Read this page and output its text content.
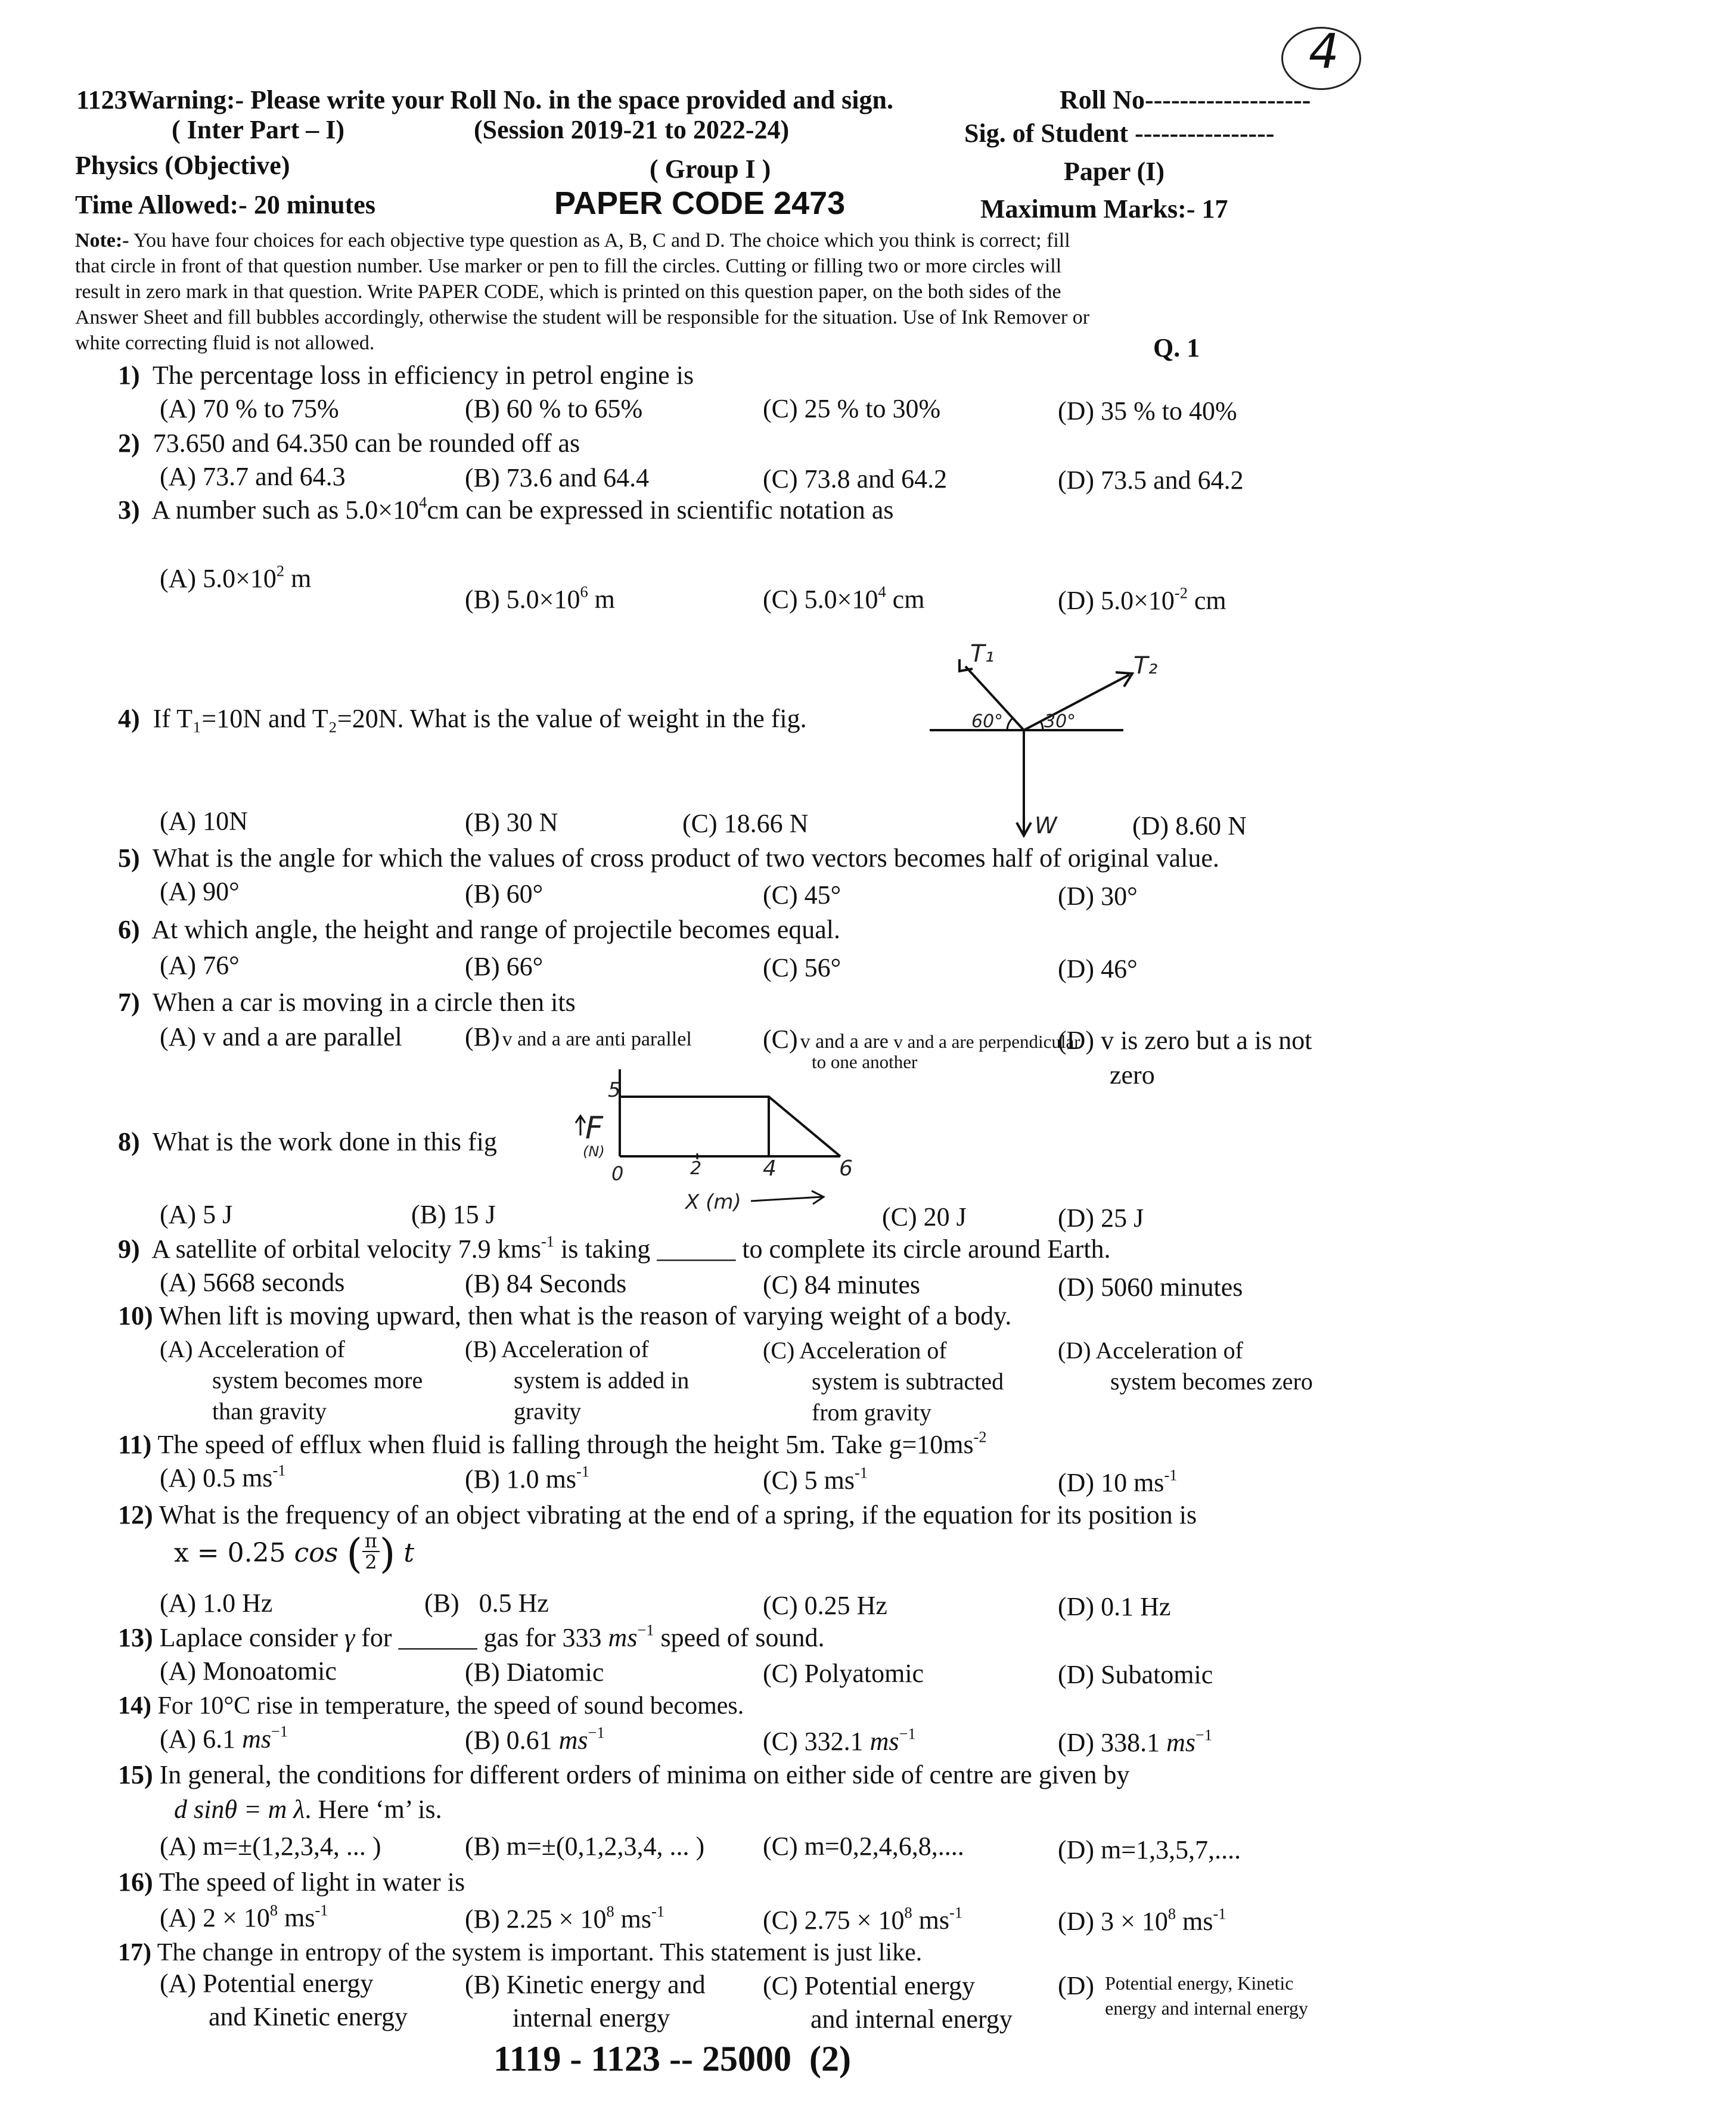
4
1123Warning:- Please write your Roll No. in the space provided and sign.	Roll No-------------------
( Inter Part – I)	(Session 2019-21 to 2022-24)	Sig. of Student ----------------
Physics (Objective)	( Group I )	Paper (I)
Time Allowed:- 20 minutes	PAPER CODE 2473	Maximum Marks:- 17
Note:- You have four choices for each objective type question as A, B, C and D. The choice which you think is correct; fill
that circle in front of that question number. Use marker or pen to fill the circles. Cutting or filling two or more circles will
result in zero mark in that question. Write PAPER CODE, which is printed on this question paper, on the both sides of the
Answer Sheet and fill bubbles accordingly, otherwise the student will be responsible for the situation. Use of Ink Remover or
white correcting fluid is not allowed.	Q. 1
1) The percentage loss in efficiency in petrol engine is
(A) 70 % to 75%	(B) 60 % to 65%	(C) 25 % to 30%	(D) 35 % to 40%
2) 73.650 and 64.350 can be rounded off as
(A) 73.7 and 64.3	(B) 73.6 and 64.4	(C) 73.8 and 64.2	(D) 73.5 and 64.2
3) A number such as $5.0\times 10^4cm$ can be expressed in scientific notation as
(A) $5.0\times 10^2$ m
(B) $5.0\times 10^6$ m	(C) $5.0\times 10^4$ cm	(D) $5.0\times 10^{-2}$ cm
4) If T₁=10N and T₂=20N. What is the value of weight in the fig.
T₁	T₂
60° 30°
W
(A) 10N	(B) 30 N	(C) 18.66 N	(D) 8.60 N
5) What is the angle for which the values of cross product of two vectors becomes half of original value.
(A) 90°	(B) 60°	(C) 45°	(D) 30°
6) At which angle, the height and range of projectile becomes equal.
(A) 76°	(B) 66°	(C) 56°	(D) 46°
7) When a car is moving in a circle then its
(A) v and a are parallel (B) v and a are anti parallel	(C) v and a are v and a are perpendicular
to one another
(D) v is zero but a is not
zero
8) What is the work done in this fig
5
F
(N)
0	2	4	6
X (m)
(A) 5 J	(B) 15 J	(C) 20 J	(D) 25 J
9) A satellite of orbital velocity 7.9 kms$^{-1}$ is taking ______ to complete its circle around Earth.
(A) 5668 seconds	(B) 84 Seconds	(C) 84 minutes	(D) 5060 minutes
10) When lift is moving upward, then what is the reason of varying weight of a body.
(A) Acceleration of
system becomes more
than gravity
(B) Acceleration of
system is added in
gravity
(C) Acceleration of
system is subtracted
from gravity
(D) Acceleration of
system becomes zero
11) The speed of efflux when fluid is falling through the height 5m. Take $g=10ms^{-2}$
(A) 0.5 $ms^{-1}$	(B) 1.0 $ms^{-1}$	(C) 5 $ms^{-1}$	(D) 10 $ms^{-1}$
12) What is the frequency of an object vibrating at the end of a spring, if the equation for its position is
x = 0.25 cos ( $\frac{\pi}{2}$ ) t
(A) 1.0 Hz	(B)   0.5 Hz	(C) 0.25 Hz	(D) 0.1 Hz
13) Laplace consider γ for ______ gas for 333 $ms^{-1}$ speed of sound.
(A) Monoatomic	(B) Diatomic	(C) Polyatomic	(D) Subatomic
14) For 10°C rise in temperature, the speed of sound becomes.
(A) 6.1 $ms^{-1}$	(B) 0.61 $ms^{-1}$	(C) 332.1 $ms^{-1}$	(D) 338.1 $ms^{-1}$
15) In general, the conditions for different orders of minima on either side of centre are given by
d sinθ = m λ. Here ‘m’ is.
(A) m=±(1,2,3,4, ... )	(B) m=±(0,1,2,3,4, ... ) (C) m=0,2,4,6,8,....	(D) m=1,3,5,7,....
16) The speed of light in water is
(A) $2 \times 10^8$ $ms^{-1}$	(B) $2.25 \times 10^8$ $ms^{-1}$	(C) $2.75 \times 10^8$ $ms^{-1}$	(D) $3 \times 10^8$ $ms^{-1}$
17) The change in entropy of the system is important. This statement is just like.
(A) Potential energy
and Kinetic energy
(B) Kinetic energy and
internal energy
(C) Potential energy
and internal energy
(D) Potential energy, Kinetic
energy and internal energy
1119 - 1123 -- 25000  (2)
